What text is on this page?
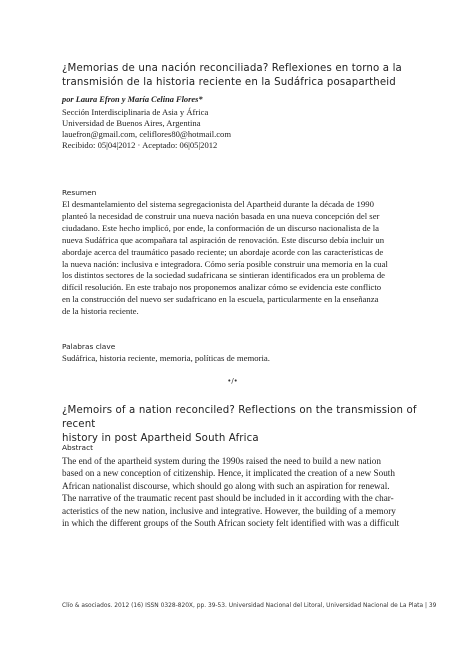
¿Memorias de una nación reconciliada? Reflexiones en torno a la
transmisión de la historia reciente en la Sudáfrica posapartheid
por Laura Efron y María Celina Flores*
Sección Interdisciplinaria de Asia y África
Universidad de Buenos Aires, Argentina
lauefron@gmail.com, celiflores80@hotmail.com
Recibido: 05|04|2012 · Aceptado: 06|05|2012
Resumen
El desmantelamiento del sistema segregacionista del Apartheid durante la década de 1990
planteó la necesidad de construir una nueva nación basada en una nueva concepción del ser
ciudadano. Este hecho implicó, por ende, la conformación de un discurso nacionalista de la
nueva Sudáfrica que acompañara tal aspiración de renovación. Este discurso debía incluir un
abordaje acerca del traumático pasado reciente; un abordaje acorde con las características de
la nueva nación: inclusiva e integradora. Cómo sería posible construir una memoria en la cual
los distintos sectores de la sociedad sudafricana se sintieran identificados era un problema de
difícil resolución. En este trabajo nos proponemos analizar cómo se evidencia este conflicto
en la construcción del nuevo ser sudafricano en la escuela, particularmente en la enseñanza
de la historia reciente.
Palabras clave
Sudáfrica, historia reciente, memoria, políticas de memoria.
•/•
¿Memoirs of a nation reconciled? Reflections on the transmission of recent
history in post Apartheid South Africa
Abstract
The end of the apartheid system during the 1990s raised the need to build a new nation
based on a new conception of citizenship. Hence, it implicated the creation of a new South
African nationalist discourse, which should go along with such an aspiration for renewal.
The narrative of the traumatic recent past should be included in it according with the char-
acteristics of the new nation, inclusive and integrative. However, the building of a memory
in which the different groups of the South African society felt identified with was a difficult
Clío & asociados. 2012 (16) ISSN 0328-820X, pp. 39-53. Universidad Nacional del Litoral, Universidad Nacional de La Plata | 39
